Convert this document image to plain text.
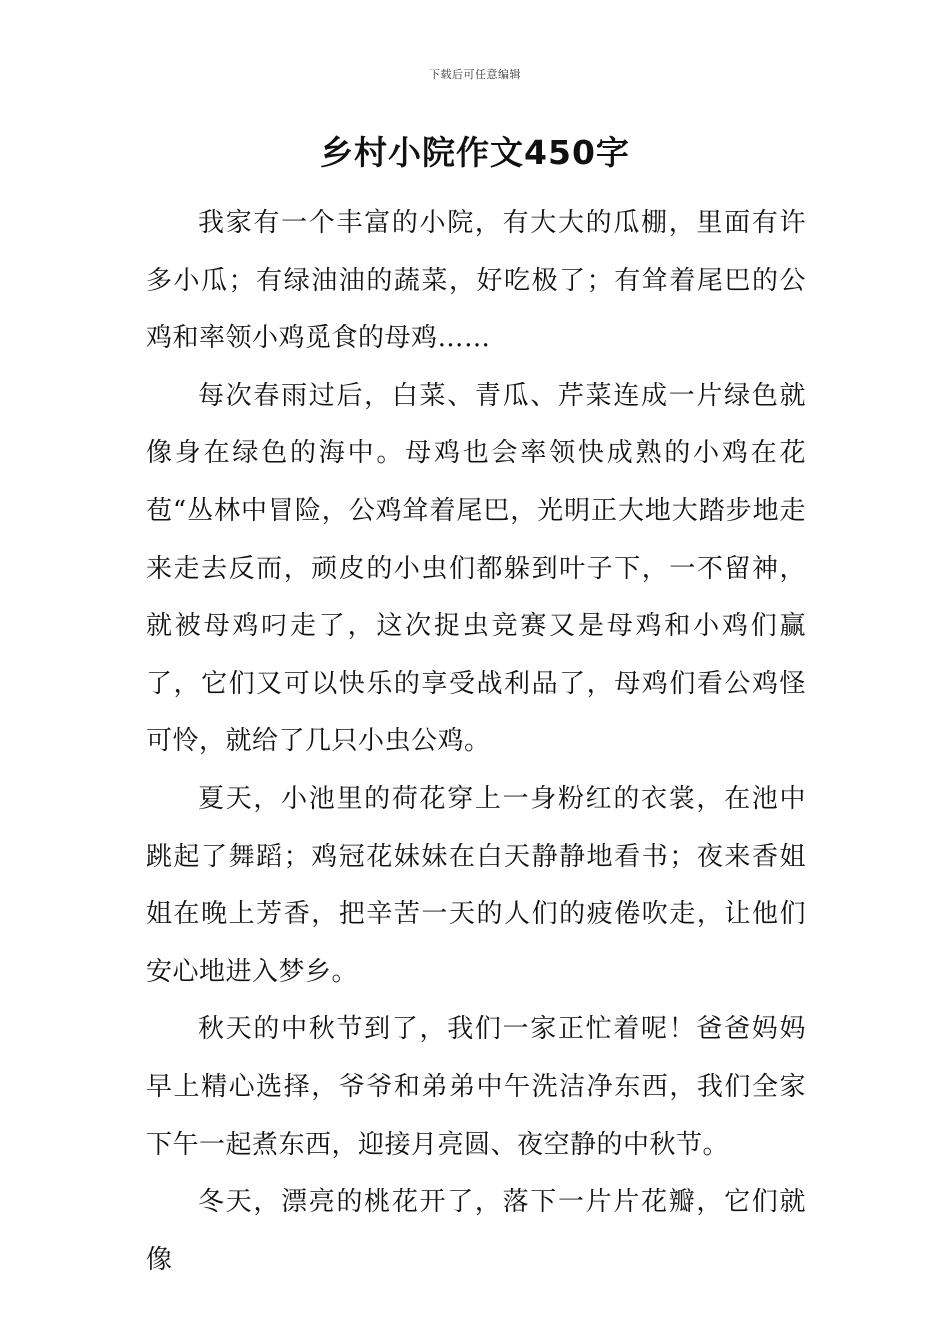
下载后可任意编辑
乡村小院作文450字

我家有一个丰富的小院，有大大的瓜棚，里面有许多小瓜；有绿油油的蔬菜，好吃极了；有耸着尾巴的公鸡和率领小鸡觅食的母鸡……

每次春雨过后，白菜、青瓜、芹菜连成一片绿色就像身在绿色的海中。母鸡也会率领快成熟的小鸡在花苞“丛林中冒险，公鸡耸着尾巴，光明正大地大踏步地走来走去反而，顽皮的小虫们都躲到叶子下，一不留神，就被母鸡叼走了，这次捉虫竞赛又是母鸡和小鸡们赢了，它们又可以快乐的享受战利品了，母鸡们看公鸡怪可怜，就给了几只小虫公鸡。

夏天，小池里的荷花穿上一身粉红的衣裳，在池中跳起了舞蹈；鸡冠花妹妹在白天静静地看书；夜来香姐姐在晚上芳香，把辛苦一天的人们的疲倦吹走，让他们安心地进入梦乡。

秋天的中秋节到了，我们一家正忙着呢！爸爸妈妈早上精心选择，爷爷和弟弟中午洗洁净东西，我们全家下午一起煮东西，迎接月亮圆、夜空静的中秋节。

冬天，漂亮的桃花开了，落下一片片花瓣，它们就像
